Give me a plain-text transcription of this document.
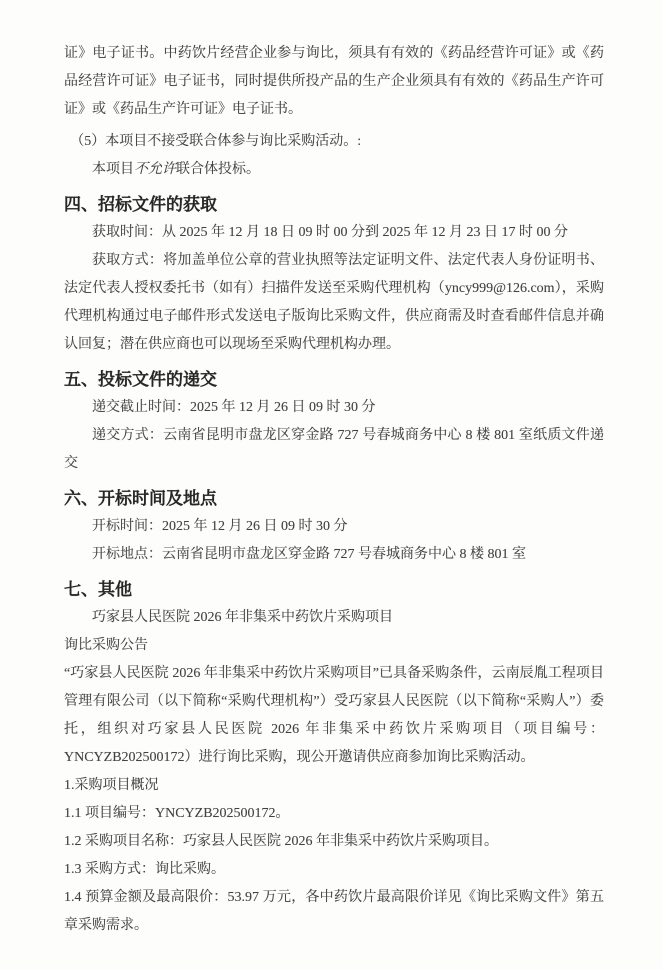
证》电子证书。中药饮片经营企业参与询比，须具有有效的《药品经营许可证》或《药品经营许可证》电子证书，同时提供所投产品的生产企业须具有有效的《药品生产许可证》或《药品生产许可证》电子证书。

（5）本项目不接受联合体参与询比采购活动。:

本项目不允许联合体投标。

四、招标文件的获取

获取时间：从 2025 年 12 月 18 日 09 时 00 分到 2025 年 12 月 23 日 17 时 00 分

获取方式：将加盖单位公章的营业执照等法定证明文件、法定代表人身份证明书、法定代表人授权委托书（如有）扫描件发送至采购代理机构（yncy999@126.com），采购代理机构通过电子邮件形式发送电子版询比采购文件，供应商需及时查看邮件信息并确认回复；潜在供应商也可以现场至采购代理机构办理。

五、投标文件的递交

递交截止时间：2025 年 12 月 26 日 09 时 30 分

递交方式：云南省昆明市盘龙区穿金路 727 号春城商务中心 8 楼 801 室纸质文件递交

六、开标时间及地点

开标时间：2025 年 12 月 26 日 09 时 30 分

开标地点：云南省昆明市盘龙区穿金路 727 号春城商务中心 8 楼 801 室

七、其他

巧家县人民医院 2026 年非集采中药饮片采购项目

询比采购公告

“巧家县人民医院 2026 年非集采中药饮片采购项目”已具备采购条件，云南辰胤工程项目管理有限公司（以下简称“采购代理机构”）受巧家县人民医院（以下简称“采购人”）委托，组织对巧家县人民医院 2026 年非集采中药饮片采购项目（项目编号：YNCYZB202500172）进行询比采购，现公开邀请供应商参加询比采购活动。

1.采购项目概况

1.1 项目编号：YNCYZB202500172。

1.2 采购项目名称：巧家县人民医院 2026 年非集采中药饮片采购项目。

1.3 采购方式：询比采购。

1.4 预算金额及最高限价：53.97 万元，各中药饮片最高限价详见《询比采购文件》第五章采购需求。
